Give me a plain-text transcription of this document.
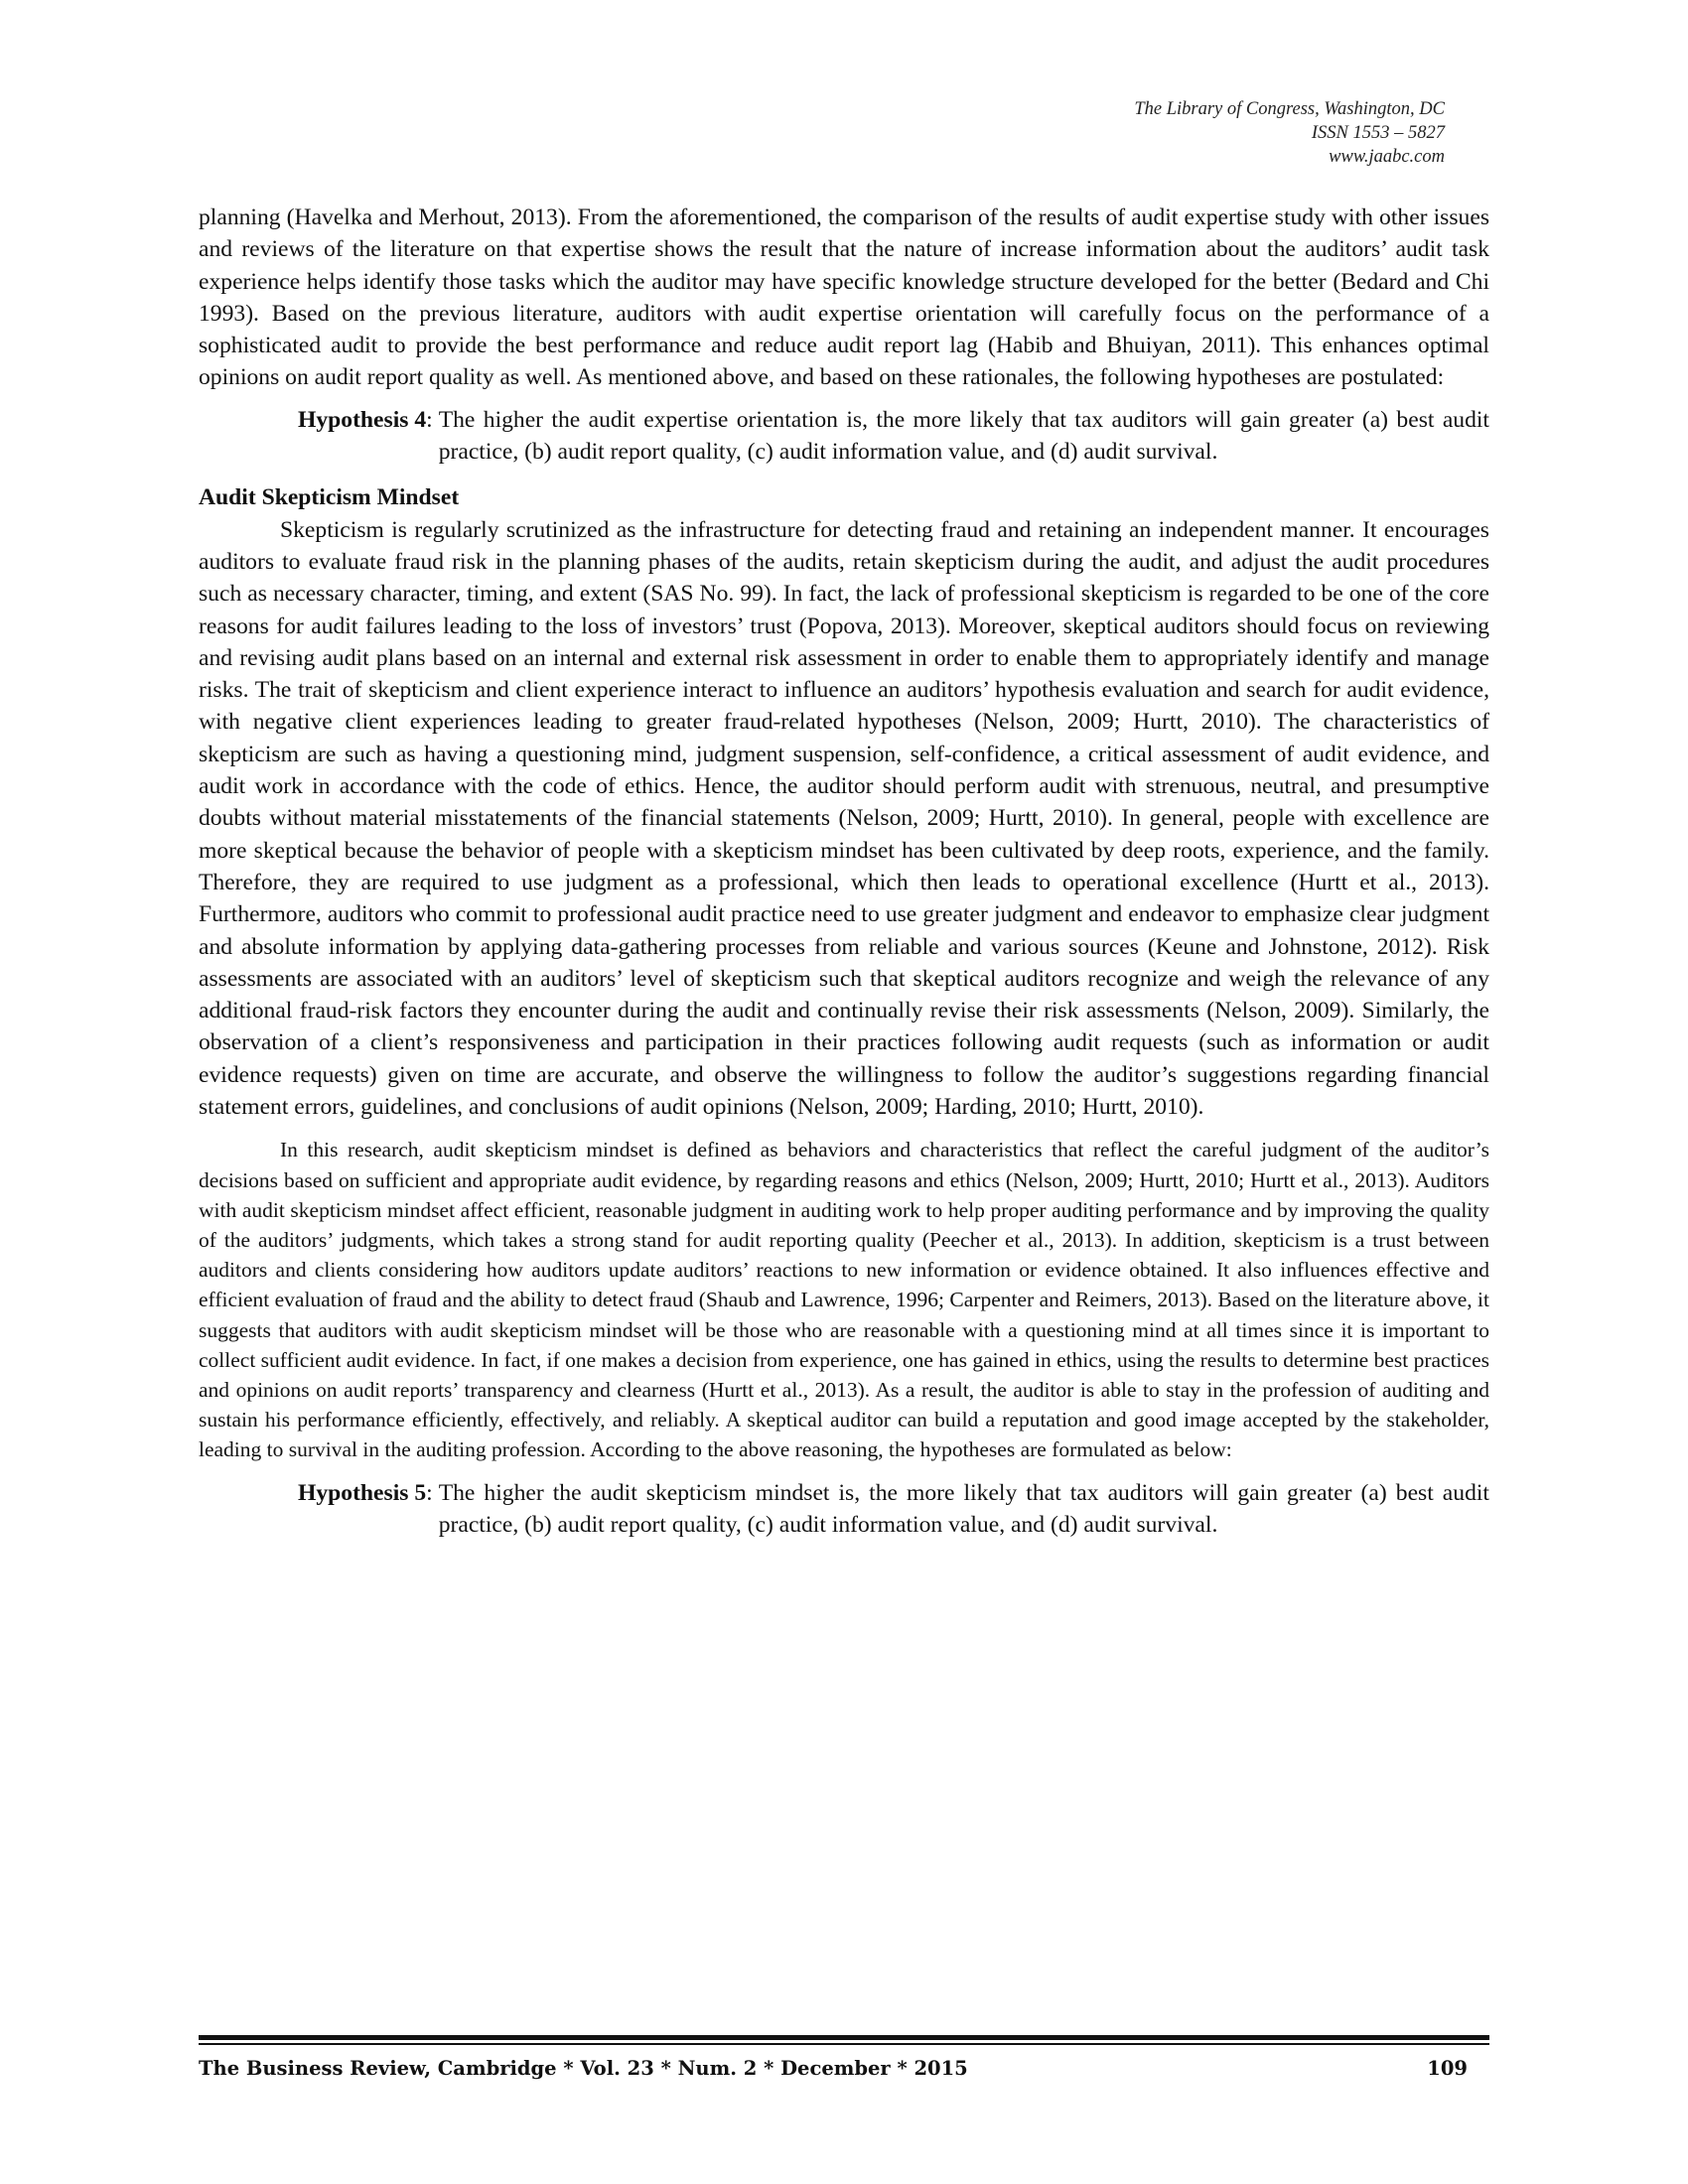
The Library of Congress, Washington, DC
ISSN 1553 – 5827
www.jaabc.com

planning (Havelka and Merhout, 2013). From the aforementioned, the comparison of the results of audit expertise study with other issues and reviews of the literature on that expertise shows the result that the nature of increase information about the auditors’ audit task experience helps identify those tasks which the auditor may have specific knowledge structure developed for the better (Bedard and Chi 1993). Based on the previous literature, auditors with audit expertise orientation will carefully focus on the performance of a sophisticated audit to provide the best performance and reduce audit report lag (Habib and Bhuiyan, 2011). This enhances optimal opinions on audit report quality as well. As mentioned above, and based on these rationales, the following hypotheses are postulated:

Hypothesis 4 : The higher the audit expertise orientation is, the more likely that tax auditors will gain greater (a) best audit practice, (b) audit report quality, (c) audit information value, and (d) audit survival.
Audit Skepticism Mindset

Skepticism is regularly scrutinized as the infrastructure for detecting fraud and retaining an independent manner. It encourages auditors to evaluate fraud risk in the planning phases of the audits, retain skepticism during the audit, and adjust the audit procedures such as necessary character, timing, and extent (SAS No. 99). In fact, the lack of professional skepticism is regarded to be one of the core reasons for audit failures leading to the loss of investors’ trust (Popova, 2013). Moreover, skeptical auditors should focus on reviewing and revising audit plans based on an internal and external risk assessment in order to enable them to appropriately identify and manage risks. The trait of skepticism and client experience interact to influence an auditors’ hypothesis evaluation and search for audit evidence, with negative client experiences leading to greater fraud-related hypotheses (Nelson, 2009; Hurtt, 2010). The characteristics of skepticism are such as having a questioning mind, judgment suspension, self-confidence, a critical assessment of audit evidence, and audit work in accordance with the code of ethics. Hence, the auditor should perform audit with strenuous, neutral, and presumptive doubts without material misstatements of the financial statements (Nelson, 2009; Hurtt, 2010). In general, people with excellence are more skeptical because the behavior of people with a skepticism mindset has been cultivated by deep roots, experience, and the family. Therefore, they are required to use judgment as a professional, which then leads to operational excellence (Hurtt et al., 2013). Furthermore, auditors who commit to professional audit practice need to use greater judgment and endeavor to emphasize clear judgment and absolute information by applying data-gathering processes from reliable and various sources (Keune and Johnstone, 2012). Risk assessments are associated with an auditors’ level of skepticism such that skeptical auditors recognize and weigh the relevance of any additional fraud-risk factors they encounter during the audit and continually revise their risk assessments (Nelson, 2009). Similarly, the observation of a client’s responsiveness and participation in their practices following audit requests (such as information or audit evidence requests) given on time are accurate, and observe the willingness to follow the auditor’s suggestions regarding financial statement errors, guidelines, and conclusions of audit opinions (Nelson, 2009; Harding, 2010; Hurtt, 2010).

In this research, audit skepticism mindset is defined as behaviors and characteristics that reflect the careful judgment of the auditor’s decisions based on sufficient and appropriate audit evidence, by regarding reasons and ethics (Nelson, 2009; Hurtt, 2010; Hurtt et al., 2013). Auditors with audit skepticism mindset affect efficient, reasonable judgment in auditing work to help proper auditing performance and by improving the quality of the auditors’ judgments, which takes a strong stand for audit reporting quality (Peecher et al., 2013). In addition, skepticism is a trust between auditors and clients considering how auditors update auditors’ reactions to new information or evidence obtained. It also influences effective and efficient evaluation of fraud and the ability to detect fraud (Shaub and Lawrence, 1996; Carpenter and Reimers, 2013). Based on the literature above, it suggests that auditors with audit skepticism mindset will be those who are reasonable with a questioning mind at all times since it is important to collect sufficient audit evidence. In fact, if one makes a decision from experience, one has gained in ethics, using the results to determine best practices and opinions on audit reports’ transparency and clearness (Hurtt et al., 2013). As a result, the auditor is able to stay in the profession of auditing and sustain his performance efficiently, effectively, and reliably. A skeptical auditor can build a reputation and good image accepted by the stakeholder, leading to survival in the auditing profession. According to the above reasoning, the hypotheses are formulated as below:

Hypothesis 5 : The higher the audit skepticism mindset is, the more likely that tax auditors will gain greater (a) best audit practice, (b) audit report quality, (c) audit information value, and (d) audit survival.
The Business Review, Cambridge * Vol. 23 * Num. 2 * December * 2015	109
